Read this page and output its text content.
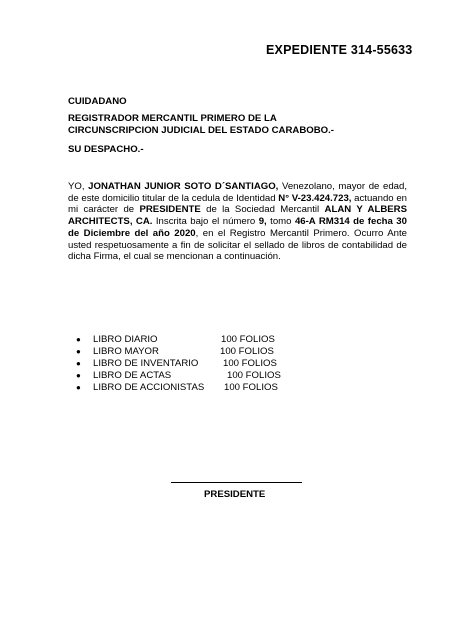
EXPEDIENTE 314-55633
CUIDADANO
REGISTRADOR MERCANTIL PRIMERO DE LA
CIRCUNSCRIPCION JUDICIAL DEL ESTADO CARABOBO.-
SU DESPACHO.-
YO, JONATHAN JUNIOR SOTO D´SANTIAGO, Venezolano, mayor de edad, de este domicilio titular de la cedula de Identidad N° V-23.424.723, actuando en mi carácter de PRESIDENTE de la Sociedad Mercantil ALAN Y ALBERS ARCHITECTS, CA. Inscrita bajo el número 9, tomo 46-A RM314 de fecha 30 de Diciembre del año 2020, en el Registro Mercantil Primero. Ocurro Ante usted respetuosamente a fin de solicitar el sellado de libros de contabilidad de dicha Firma, el cual se mencionan a continuación.
●	LIBRO DIARIO	100 FOLIOS
●	LIBRO MAYOR	100 FOLIOS
●	LIBRO DE INVENTARIO	100 FOLIOS
●	LIBRO DE ACTAS	100 FOLIOS
●	LIBRO DE ACCIONISTAS	100 FOLIOS
PRESIDENTE
